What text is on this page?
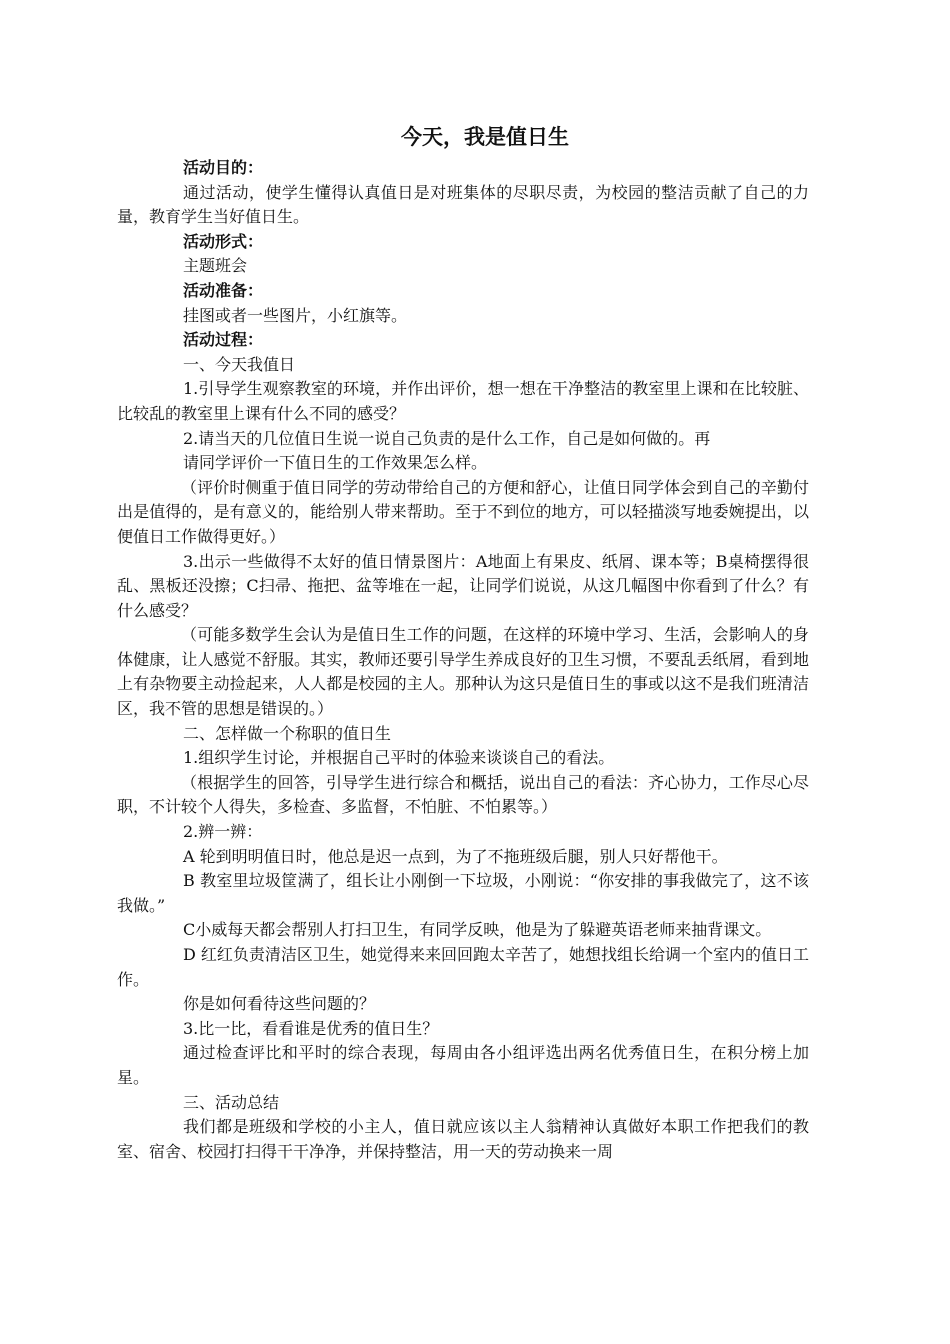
今天，我是值日生
活动目的：

通过活动，使学生懂得认真值日是对班集体的尽职尽责，为校园的整洁贡献了自己的力量，教育学生当好值日生。

活动形式：

主题班会

活动准备：

挂图或者一些图片，小红旗等。

活动过程：

一、今天我值日

1.引导学生观察教室的环境，并作出评价，想一想在干净整洁的教室里上课和在比较脏、比较乱的教室里上课有什么不同的感受？

2.请当天的几位值日生说一说自己负责的是什么工作，自己是如何做的。再

请同学评价一下值日生的工作效果怎么样。

（评价时侧重于值日同学的劳动带给自己的方便和舒心，让值日同学体会到自己的辛勤付出是值得的，是有意义的，能给别人带来帮助。至于不到位的地方，可以轻描淡写地委婉提出，以便值日工作做得更好。）

3.出示一些做得不太好的值日情景图片：A地面上有果皮、纸屑、课本等；B桌椅摆得很乱、黑板还没擦；C扫帚、拖把、盆等堆在一起，让同学们说说，从这几幅图中你看到了什么？有什么感受？

（可能多数学生会认为是值日生工作的问题，在这样的环境中学习、生活，会影响人的身体健康，让人感觉不舒服。其实，教师还要引导学生养成良好的卫生习惯，不要乱丢纸屑，看到地上有杂物要主动捡起来，人人都是校园的主人。那种认为这只是值日生的事或以这不是我们班清洁区，我不管的思想是错误的。）

二、怎样做一个称职的值日生

1.组织学生讨论，并根据自己平时的体验来谈谈自己的看法。

（根据学生的回答，引导学生进行综合和概括，说出自己的看法：齐心协力，工作尽心尽职，不计较个人得失，多检查、多监督，不怕脏、不怕累等。）

2.辨一辨：

A 轮到明明值日时，他总是迟一点到，为了不拖班级后腿，别人只好帮他干。

B 教室里垃圾筐满了，组长让小刚倒一下垃圾，小刚说：“你安排的事我做完了，这不该我做。”

C小威每天都会帮别人打扫卫生，有同学反映，他是为了躲避英语老师来抽背课文。

D 红红负责清洁区卫生，她觉得来来回回跑太辛苦了，她想找组长给调一个室内的值日工作。

你是如何看待这些问题的？

3.比一比，看看谁是优秀的值日生？

通过检查评比和平时的综合表现，每周由各小组评选出两名优秀值日生，在积分榜上加星。

三、活动总结

我们都是班级和学校的小主人，值日就应该以主人翁精神认真做好本职工作把我们的教室、宿舍、校园打扫得干干净净，并保持整洁，用一天的劳动换来一周
